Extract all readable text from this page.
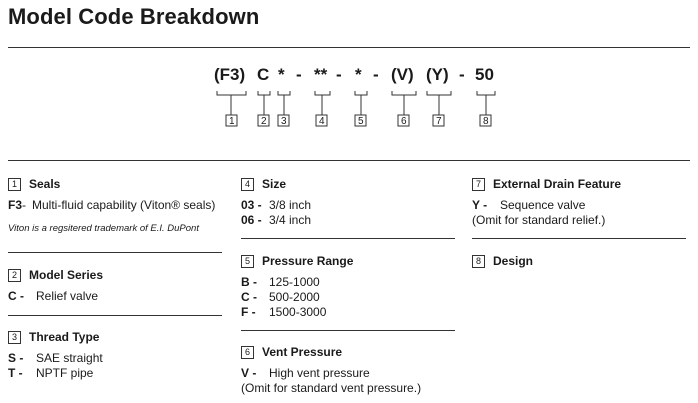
Model Code Breakdown
(F3) C * - ** - * - (V) (Y) - 50
1	2 3	4	5	6	7	8
1	Seals
F3 - Multi-fluid capability (Viton® seals)
Viton is a regsitered trademark of E.I. DuPont
2	Model Series
C -	Relief valve
3	Thread Type
S -	SAE straight
T -	NPTF pipe
4	Size
03 - 3/8 inch
06 - 3/4 inch
5	Pressure Range
B -	125-1000
C -	500-2000
F -	1500-3000
6	Vent Pressure
V -	High vent pressure
(Omit for standard vent pressure.)
7	External Drain Feature
Y -	Sequence valve
(Omit for standard relief.)
8	Design
